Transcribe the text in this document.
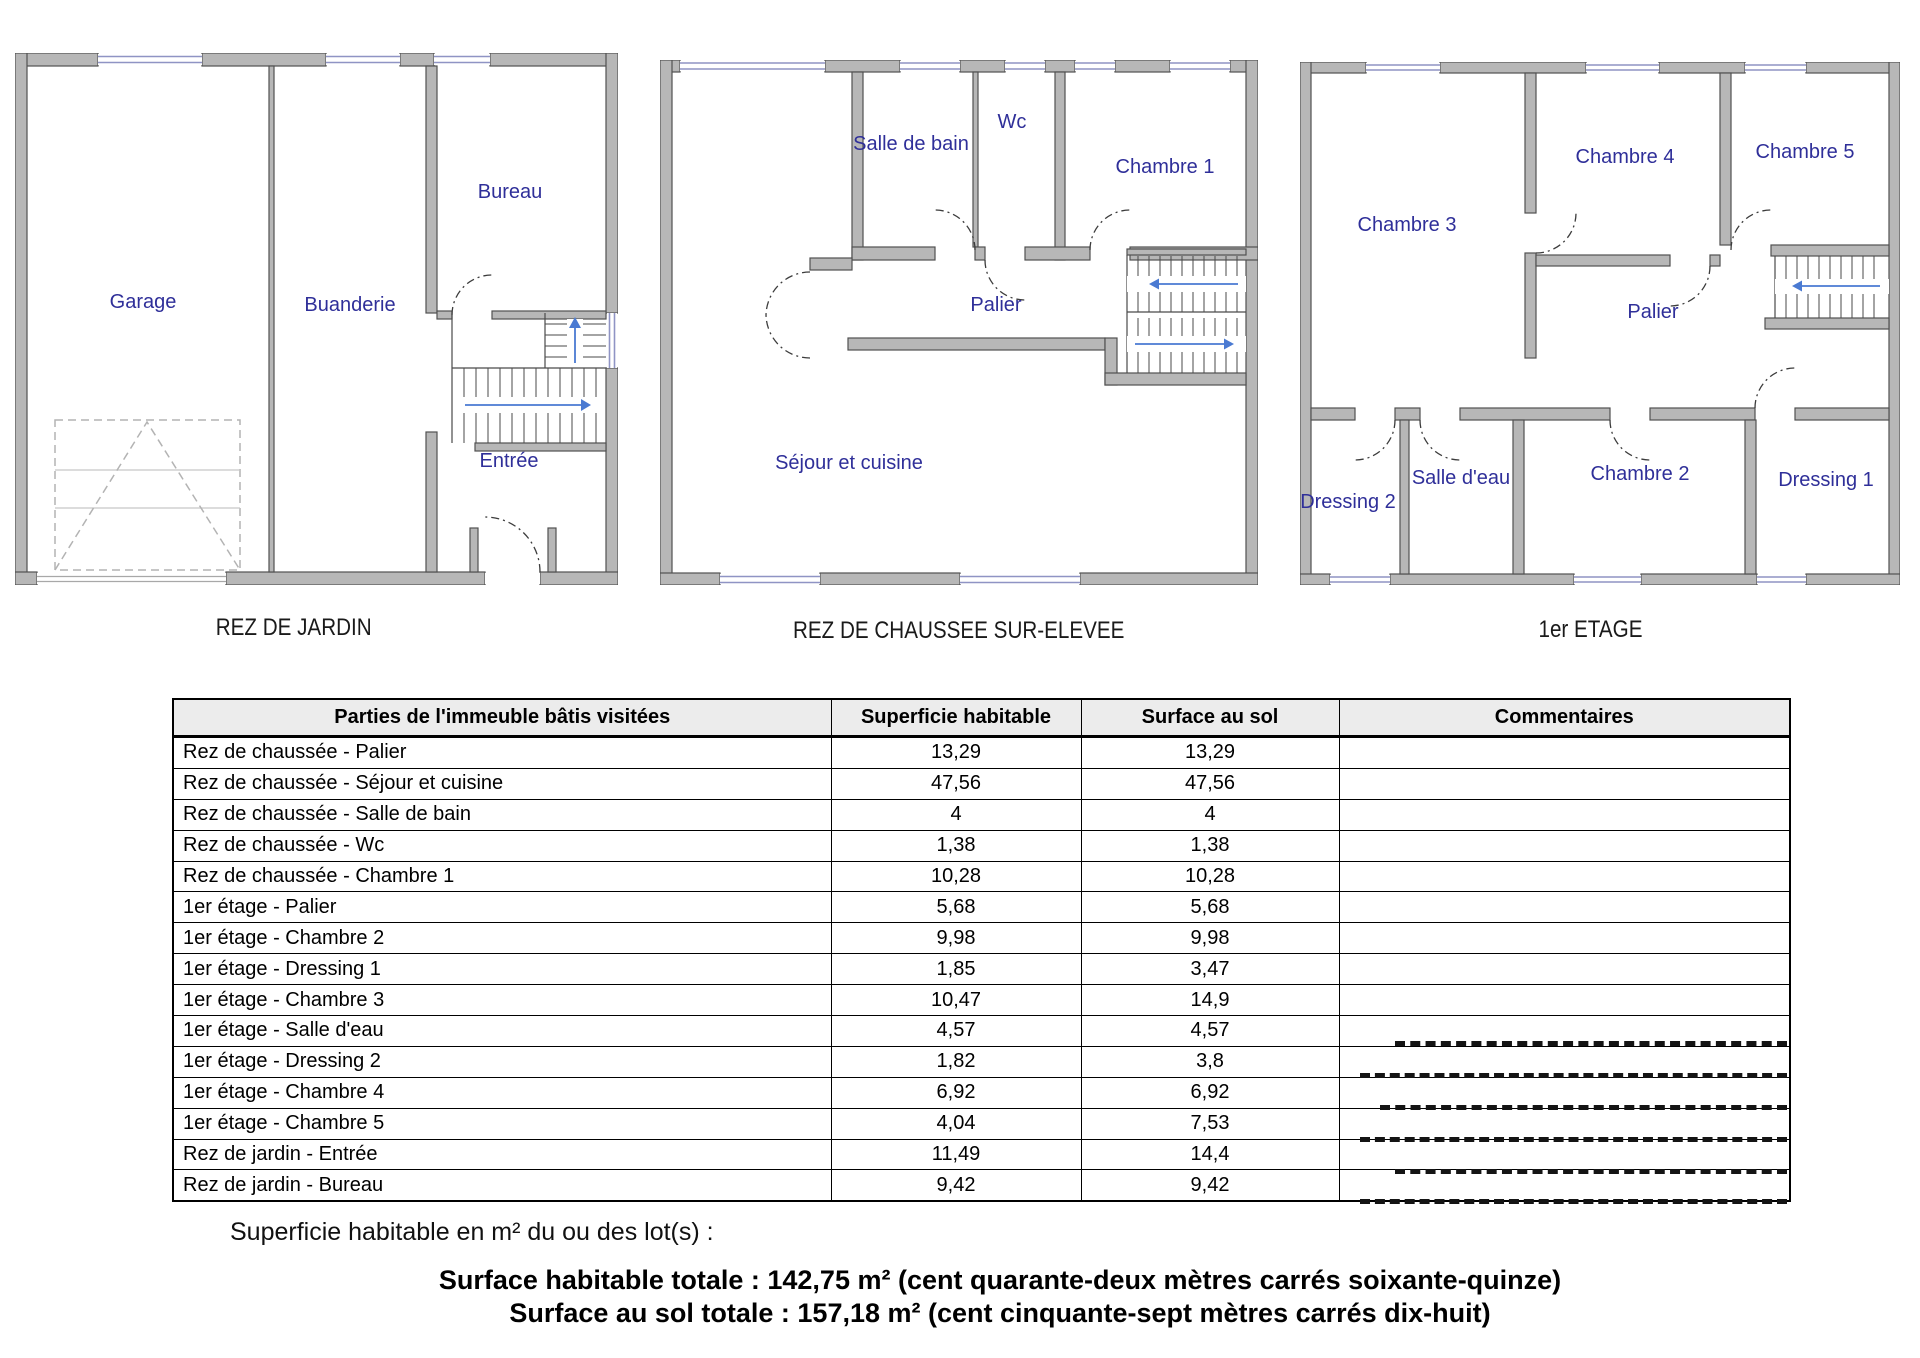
Garage	Buanderie
Bureau
Entrée
Salle de bain
Wc
Chambre 1
Palier
Séjour et cuisine
Chambre 3
Chambre 4	Chambre 5
Palier
Salle d'eau
Dressing 2
Chambre 2	Dressing 1
REZ DE JARDIN	REZ DE CHAUSSEE SUR-ELEVEE	1er ETAGE
Parties de l'immeuble bâtis visitées	Superficie habitable	Surface au sol	Commentaires
Rez de chaussée - Palier	13,29	13,29	
Rez de chaussée - Séjour et cuisine	47,56	47,56	
Rez de chaussée - Salle de bain	4	4	
Rez de chaussée - Wc	1,38	1,38	
Rez de chaussée - Chambre 1	10,28	10,28	
1er étage - Palier	5,68	5,68	
1er étage - Chambre 2	9,98	9,98	
1er étage - Dressing 1	1,85	3,47	
1er étage - Chambre 3	10,47	14,9	
1er étage - Salle d'eau	4,57	4,57	
1er étage - Dressing 2	1,82	3,8	
1er étage - Chambre 4	6,92	6,92	
1er étage - Chambre 5	4,04	7,53	
Rez de jardin - Entrée	11,49	14,4	
Rez de jardin - Bureau	9,42	9,42	
Superficie habitable en m² du ou des lot(s) :
Surface habitable totale : 142,75 m² (cent quarante-deux mètres carrés soixante-quinze)
Surface au sol totale : 157,18 m² (cent cinquante-sept mètres carrés dix-huit)
